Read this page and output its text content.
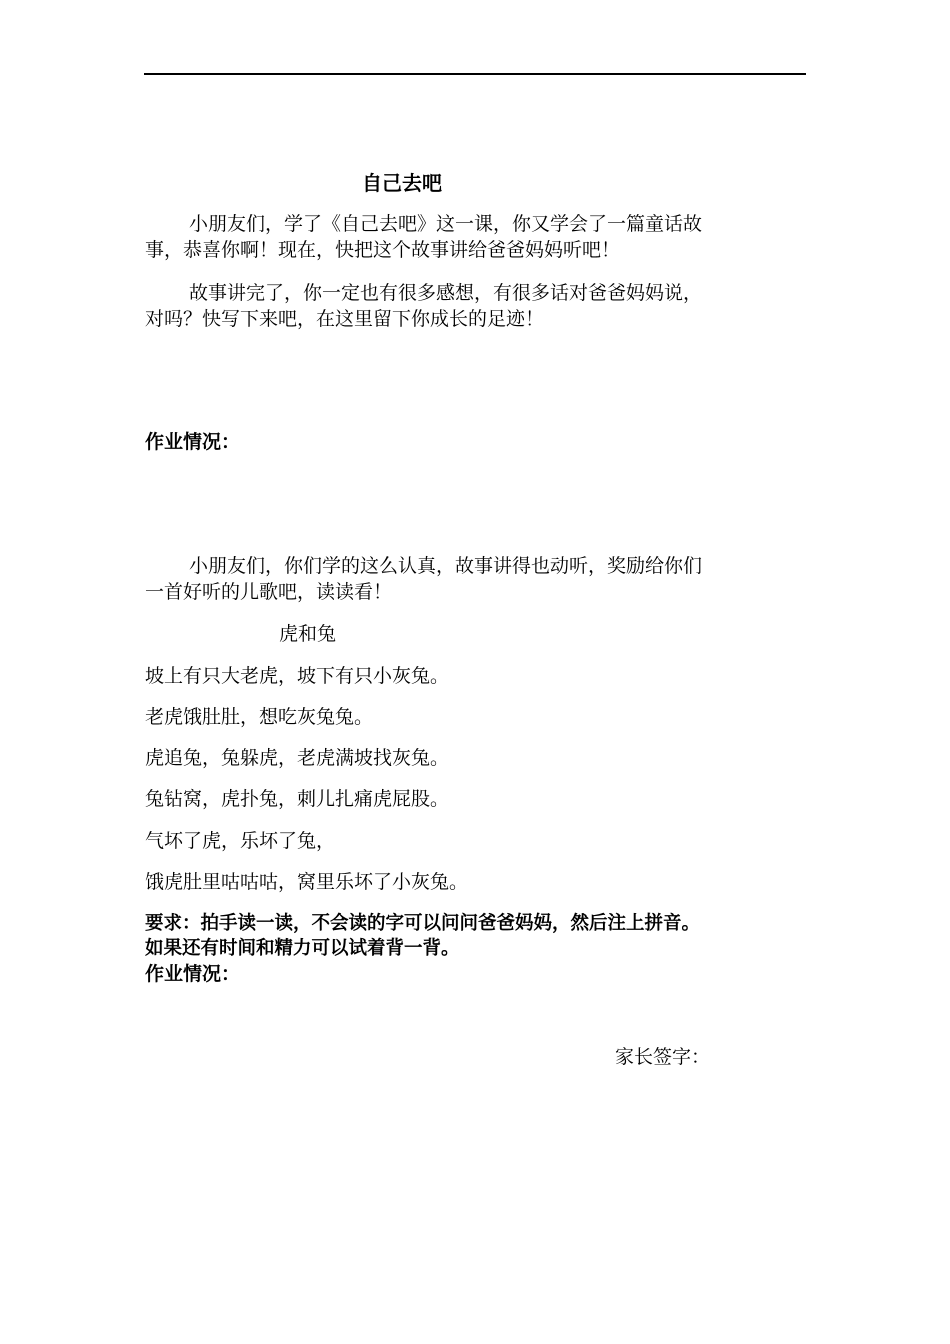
自己去吧
小朋友们，学了《自己去吧》这一课，你又学会了一篇童话故
事，恭喜你啊！现在，快把这个故事讲给爸爸妈妈听吧！
故事讲完了，你一定也有很多感想，有很多话对爸爸妈妈说，
对吗？快写下来吧，在这里留下你成长的足迹！
作业情况：
小朋友们，你们学的这么认真，故事讲得也动听，奖励给你们
一首好听的儿歌吧，读读看！
虎和兔
坡上有只大老虎，坡下有只小灰兔。
老虎饿肚肚，想吃灰兔兔。
虎追兔，兔躲虎，老虎满坡找灰兔。
兔钻窝，虎扑兔，刺儿扎痛虎屁股。
气坏了虎，乐坏了兔，
饿虎肚里咕咕咕，窝里乐坏了小灰兔。
要求：拍手读一读，不会读的字可以问问爸爸妈妈，然后注上拼音。
如果还有时间和精力可以试着背一背。
作业情况：
家长签字：
